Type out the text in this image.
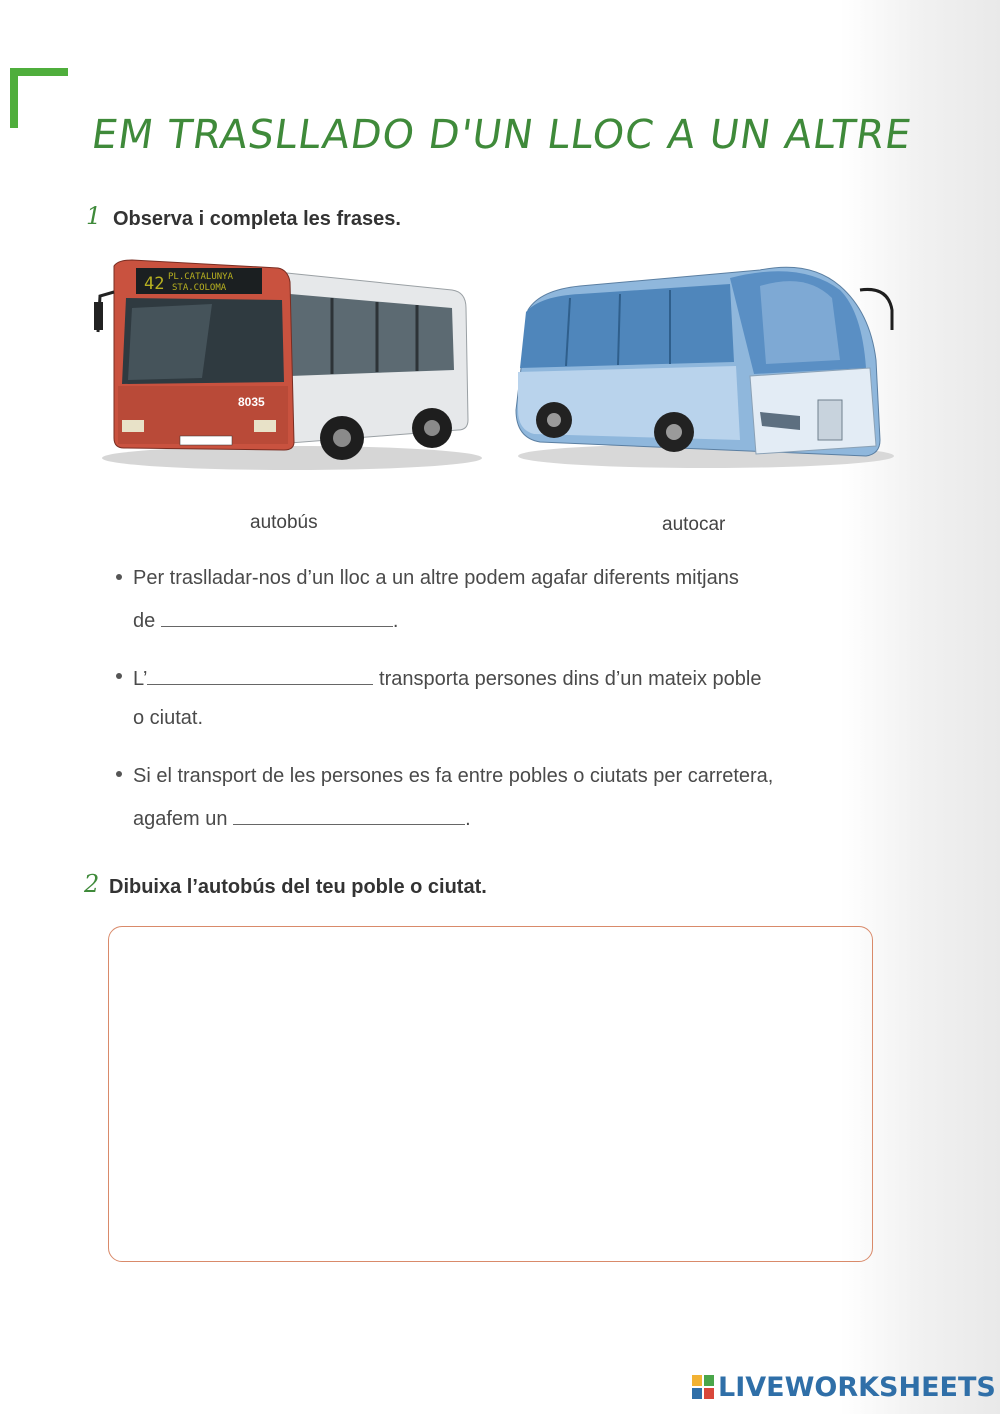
EM TRASLLADO D'UN LLOC A UN ALTRE
1 Observa i completa les frases.
42 PL.CATALUNYA
STA.COLOMA
8035
autobús	autocar
Per traslladar-nos d’un lloc a un altre podem agafar diferents mitjans
de	.
L’	transporta persones dins d’un mateix poble
o ciutat.
Si el transport de les persones es fa entre pobles o ciutats per carretera,
agafem un	.
2 Dibuixa l’autobús del teu poble o ciutat.
LIVEWORKSHEETS
